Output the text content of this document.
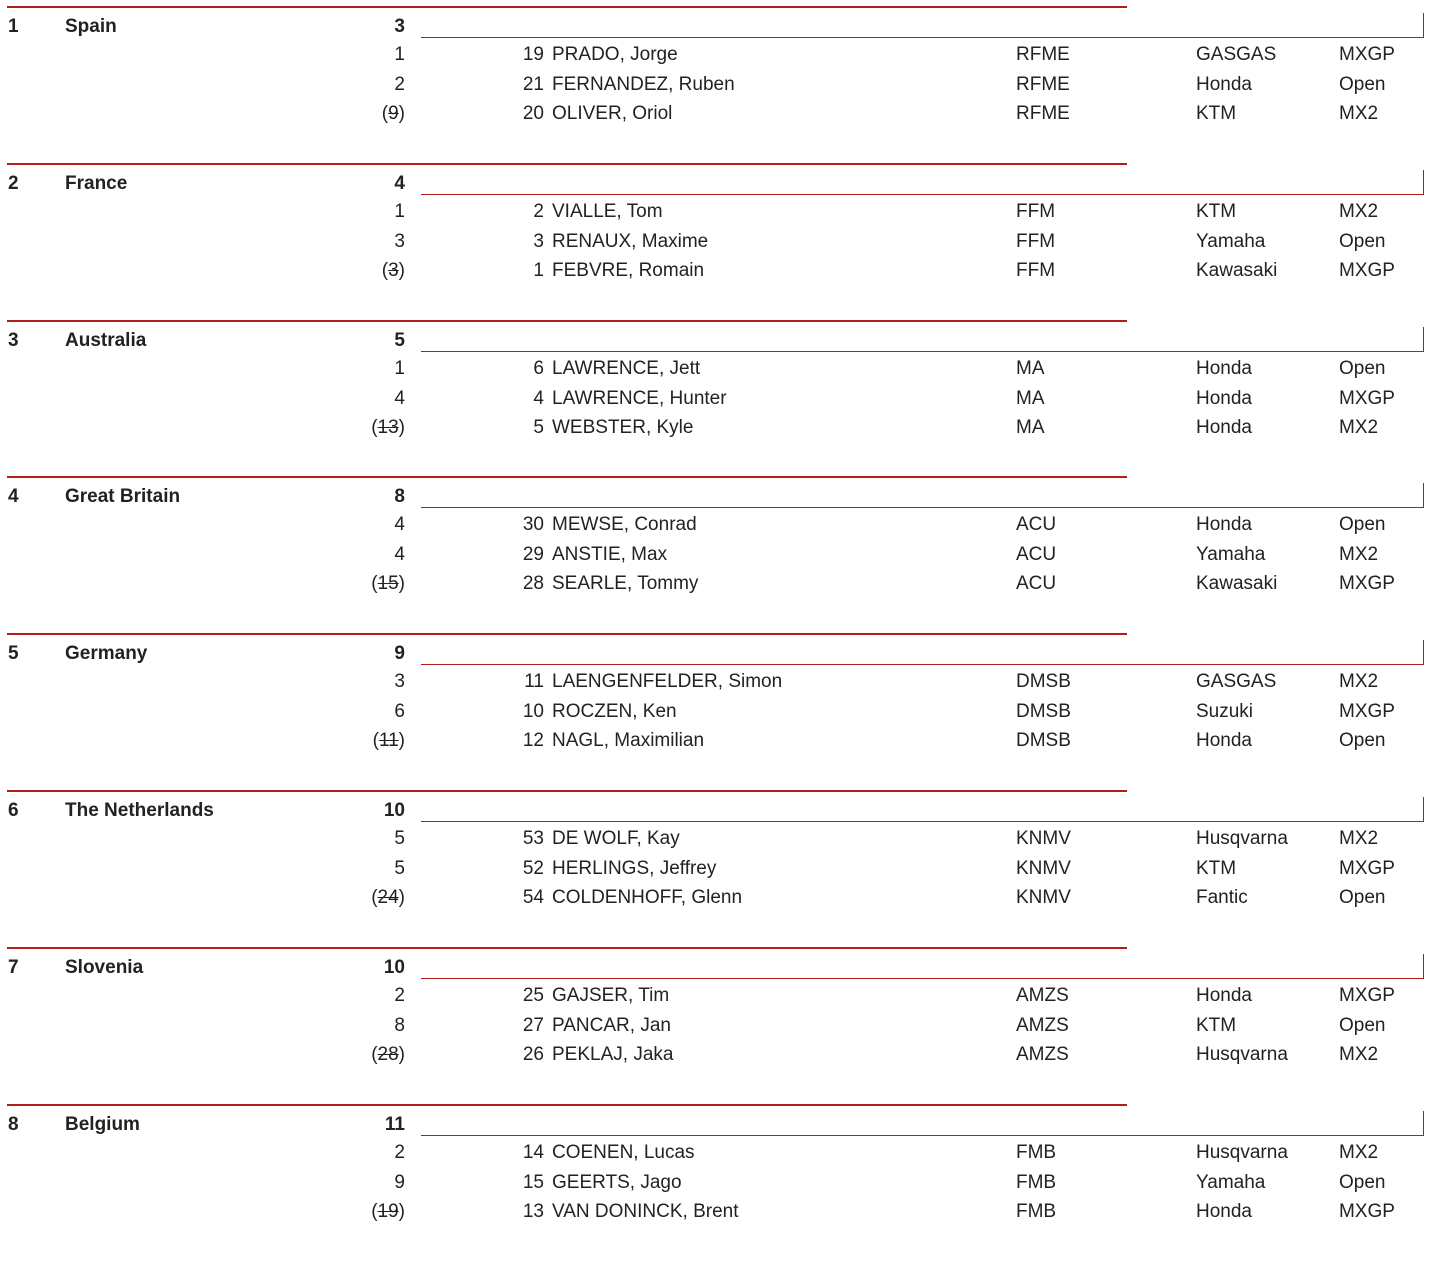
1 Spain	3
1	19 PRADO, Jorge	RFME	GASGAS	MXGP
2	21 FERNANDEZ, Ruben	RFME	Honda	Open
(9)	20 OLIVER, Oriol	RFME	KTM	MX2
2 France	4
1	2 VIALLE, Tom	FFM	KTM	MX2
3	3 RENAUX, Maxime	FFM	Yamaha	Open
(3)	1 FEBVRE, Romain	FFM	Kawasaki	MXGP
3 Australia	5
1	6 LAWRENCE, Jett	MA	Honda	Open
4	4 LAWRENCE, Hunter	MA	Honda	MXGP
(13)	5 WEBSTER, Kyle	MA	Honda	MX2
4 Great Britain	8
4	30 MEWSE, Conrad	ACU	Honda	Open
4	29 ANSTIE, Max	ACU	Yamaha	MX2
(15)	28 SEARLE, Tommy	ACU	Kawasaki	MXGP
5 Germany	9
3	11 LAENGENFELDER, Simon	DMSB	GASGAS	MX2
6	10 ROCZEN, Ken	DMSB	Suzuki	MXGP
(11)	12 NAGL, Maximilian	DMSB	Honda	Open
6 The Netherlands	10
5	53 DE WOLF, Kay	KNMV	Husqvarna	MX2
5	52 HERLINGS, Jeffrey	KNMV	KTM	MXGP
(24)	54 COLDENHOFF, Glenn	KNMV	Fantic	Open
7 Slovenia	10
2	25 GAJSER, Tim	AMZS	Honda	MXGP
8	27 PANCAR, Jan	AMZS	KTM	Open
(28)	26 PEKLAJ, Jaka	AMZS	Husqvarna	MX2
8 Belgium	11
2	14 COENEN, Lucas	FMB	Husqvarna	MX2
9	15 GEERTS, Jago	FMB	Yamaha	Open
(19)	13 VAN DONINCK, Brent	FMB	Honda	MXGP
